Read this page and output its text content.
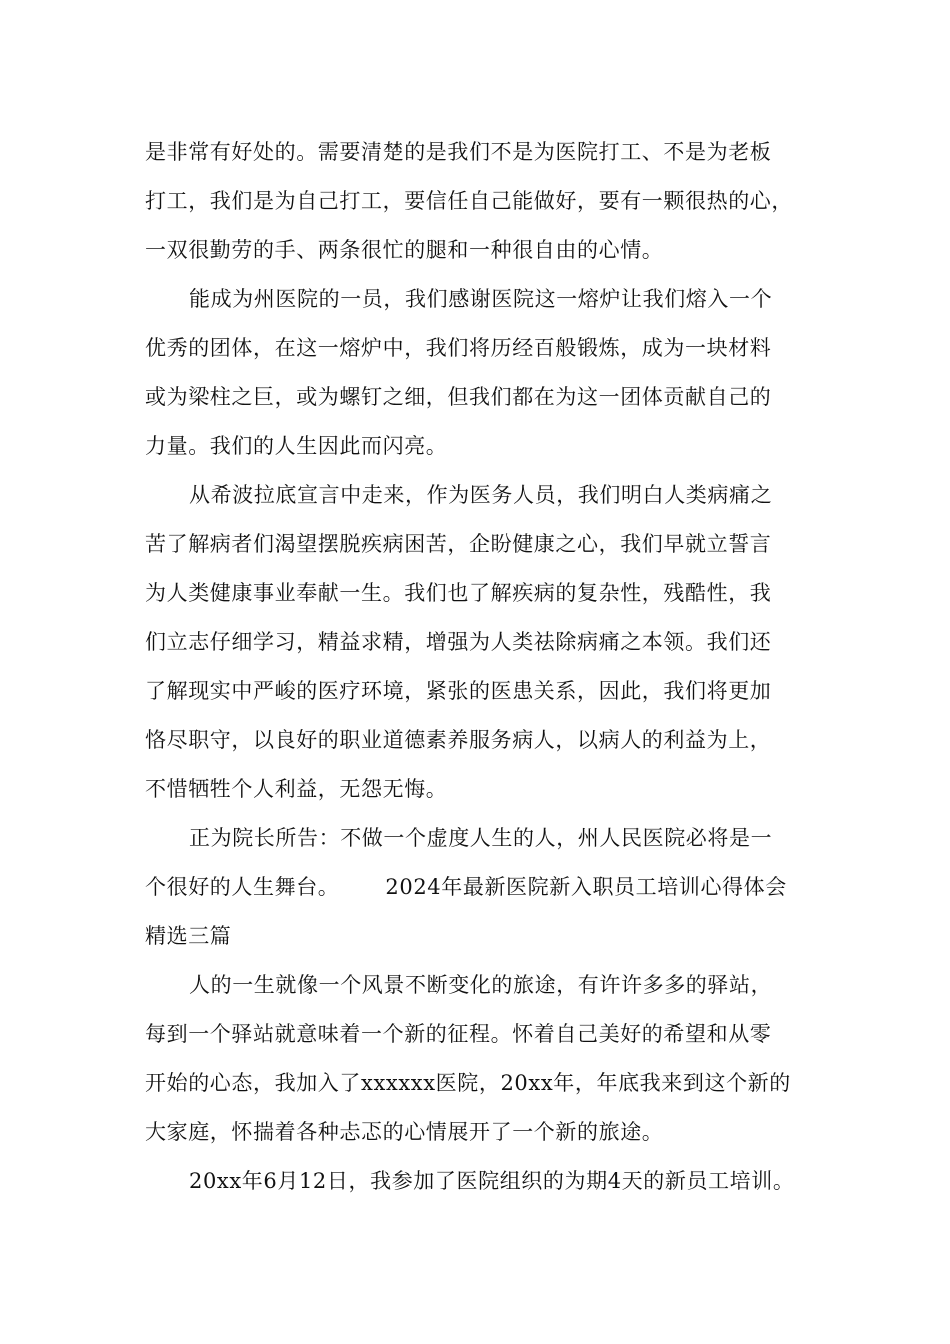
是非常有好处的。需要清楚的是我们不是为医院打工、不是为老板
打工，我们是为自己打工，要信任自己能做好，要有一颗很热的心，
一双很勤劳的手、两条很忙的腿和一种很自由的心情。
能成为州医院的一员，我们感谢医院这一熔炉让我们熔入一个
优秀的团体，在这一熔炉中，我们将历经百般锻炼，成为一块材料
或为梁柱之巨，或为螺钉之细，但我们都在为这一团体贡献自己的
力量。我们的人生因此而闪亮。
从希波拉底宣言中走来，作为医务人员，我们明白人类病痛之
苦了解病者们渴望摆脱疾病困苦，企盼健康之心，我们早就立誓言
为人类健康事业奉献一生。我们也了解疾病的复杂性，残酷性，我
们立志仔细学习，精益求精，增强为人类祛除病痛之本领。我们还
了解现实中严峻的医疗环境，紧张的医患关系，因此，我们将更加
恪尽职守，以良好的职业道德素养服务病人，以病人的利益为上，
不惜牺牲个人利益，无怨无悔。
正为院长所告：不做一个虚度人生的人，州人民医院必将是一
个很好的人生舞台。 2024年最新医院新入职员工培训心得体会
精选三篇
人的一生就像一个风景不断变化的旅途，有许许多多的驿站，
每到一个驿站就意味着一个新的征程。怀着自己美好的希望和从零
开始的心态，我加入了xxxxxx医院，20xx年，年底我来到这个新的
大家庭，怀揣着各种忐忑的心情展开了一个新的旅途。
20xx年6月12日，我参加了医院组织的为期4天的新员工培训。
